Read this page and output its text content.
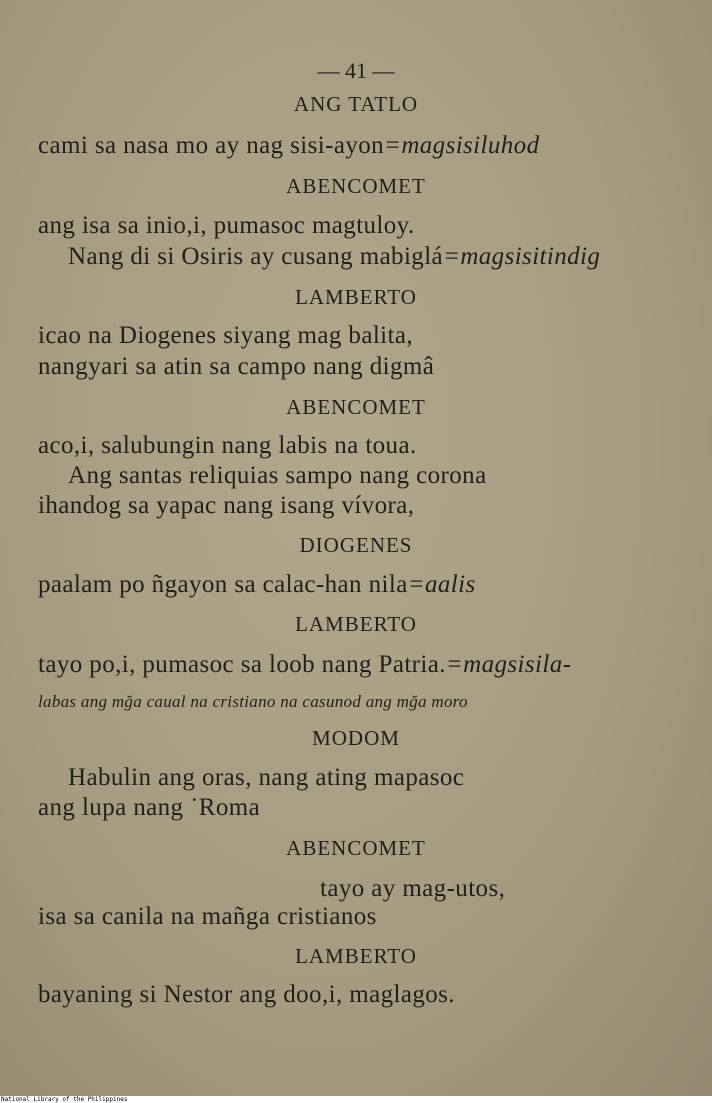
— 41 —
ANG TATLO
cami sa nasa mo ay nag sisi-ayon=magsisiluhod
ABENCOMET
ang isa sa inio,i, pumasoc magtuloy.
Nang di si Osiris ay cusang mabiglá=magsisitindig
LAMBERTO
icao na Diogenes siyang mag balita,
nangyari sa atin sa campo nang digmâ
ABENCOMET
aco,i, salubungin nang labis na toua.
Ang santas reliquias sampo nang corona
ihandog sa yapac nang isang vívora,
DIOGENES
paalam po ñgayon sa calac-han nila=aalis
LAMBERTO
tayo po,i, pumasoc sa loob nang Patria.=magsisila-
labas ang mğa caual na cristiano na casunod ang mğa moro
MODOM
Habulin ang oras, nang ating mapasoc
ang lupa nang ˙Roma
ABENCOMET
tayo ay mag-utos,
isa sa canila na mañga cristianos
LAMBERTO
bayaning si Nestor ang doo,i, maglagos.
National Library of the Philippines
